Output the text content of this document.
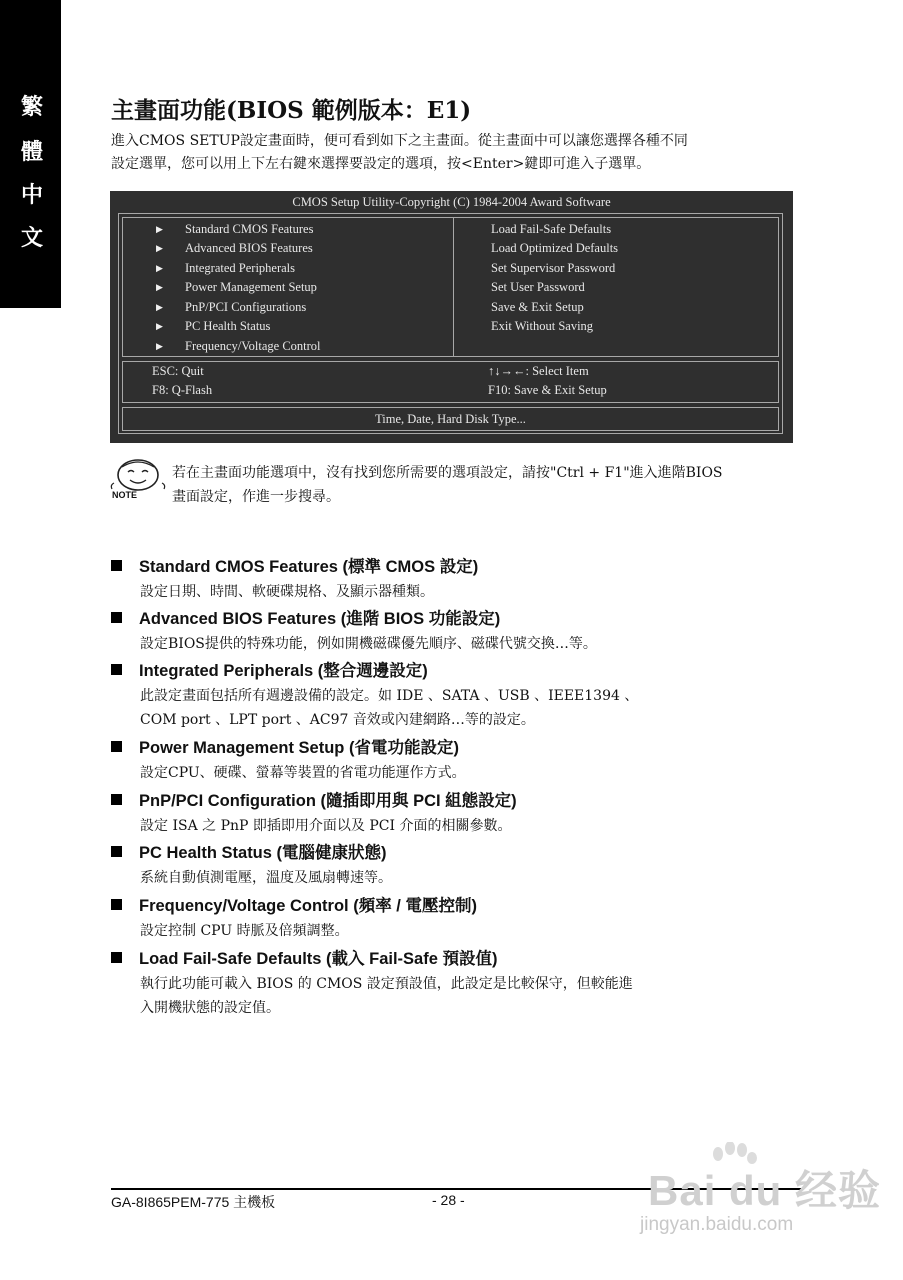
繁
體
中
文
主畫面功能(BIOS 範例版本：E1)
進入CMOS SETUP設定畫面時，便可看到如下之主畫面。從主畫面中可以讓您選擇各種不同
設定選單，您可以用上下左右鍵來選擇要設定的選項，按<Enter>鍵即可進入子選單。
CMOS Setup Utility-Copyright (C) 1984-2004 Award Software
▶ Standard CMOS Features
▶ Advanced BIOS Features
▶ Integrated Peripherals
▶ Power Management Setup
▶ PnP/PCI Configurations
▶ PC Health Status
▶ Frequency/Voltage Control
Load Fail-Safe Defaults
Load Optimized Defaults
Set Supervisor Password
Set User Password
Save & Exit Setup
Exit Without Saving
ESC: Quit
F8: Q-Flash
↑↓→←: Select Item
F10: Save & Exit Setup
Time, Date, Hard Disk Type...
NOTE
若在主畫面功能選項中，沒有找到您所需要的選項設定，請按"Ctrl + F1"進入進階BIOS
畫面設定，作進一步搜尋。
Standard CMOS Features (標準 CMOS 設定)
設定日期、時間、軟硬碟規格、及顯示器種類。
Advanced BIOS Features (進階 BIOS 功能設定)
設定BIOS提供的特殊功能，例如開機磁碟優先順序、磁碟代號交換…等。
Integrated Peripherals (整合週邊設定)
此設定畫面包括所有週邊設備的設定。如 IDE 、SATA 、USB 、IEEE1394 、
COM port 、LPT port 、AC97 音效或內建網路…等的設定。
Power Management Setup (省電功能設定)
設定CPU、硬碟、螢幕等裝置的省電功能運作方式。
PnP/PCI Configuration (隨插即用與 PCI 組態設定)
設定 ISA 之 PnP 即插即用介面以及 PCI 介面的相關參數。
PC Health Status (電腦健康狀態)
系統自動偵測電壓，溫度及風扇轉速等。
Frequency/Voltage Control (頻率 / 電壓控制)
設定控制 CPU 時脈及倍頻調整。
Load Fail-Safe Defaults (載入 Fail-Safe 預設值)
執行此功能可載入 BIOS 的 CMOS 設定預設值，此設定是比較保守，但較能進
入開機狀態的設定值。
GA-8I865PEM-775 主機板	- 28 -	Bai du 经验
jingyan.baidu.com
